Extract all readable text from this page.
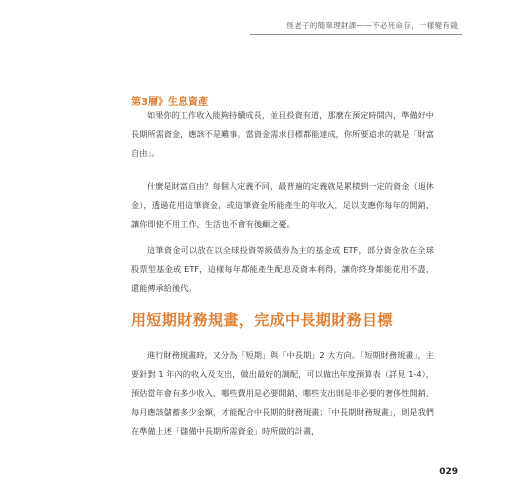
怪老子的簡單理財課——不必死命存，一樣變有錢
第3層》生息資產

如果你的工作收入能夠持續成長，並且投資有道，那麼在預定時間內，準備好中長期所需資金，應該不是難事。當資金需求目標都能達成，你所要追求的就是「財富自由」。

什麼是財富自由？每個人定義不同，最普遍的定義就是累積到一定的資金（退休金），透過花用這筆資金，或這筆資金所能產生的年收入，足以支應你每年的開銷，讓你即使不用工作，生活也不會有後顧之憂。

這筆資金可以放在以全球投資等級債券為主的基金或 ETF，部分資金放在全球股票型基金或 ETF，這樣每年都能產生配息及資本利得，讓你終身都能花用不盡，還能傳承給後代。

用短期財務規畫，完成中長期財務目標

進行財務規畫時，又分為「短期」與「中長期」2 大方向。「短期財務規畫」，主要針對 1 年內的收入及支出，做出最好的調配，可以做出年度預算表（詳見 1-4），預估當年會有多少收入、哪些費用是必要開銷、哪些支出則是非必要的奢侈性開銷、每月應該儲蓄多少金額，才能配合中長期的財務規畫；「中長期財務規畫」，則是我們在準備上述「儲備中長期所需資金」時所做的計畫，

029
